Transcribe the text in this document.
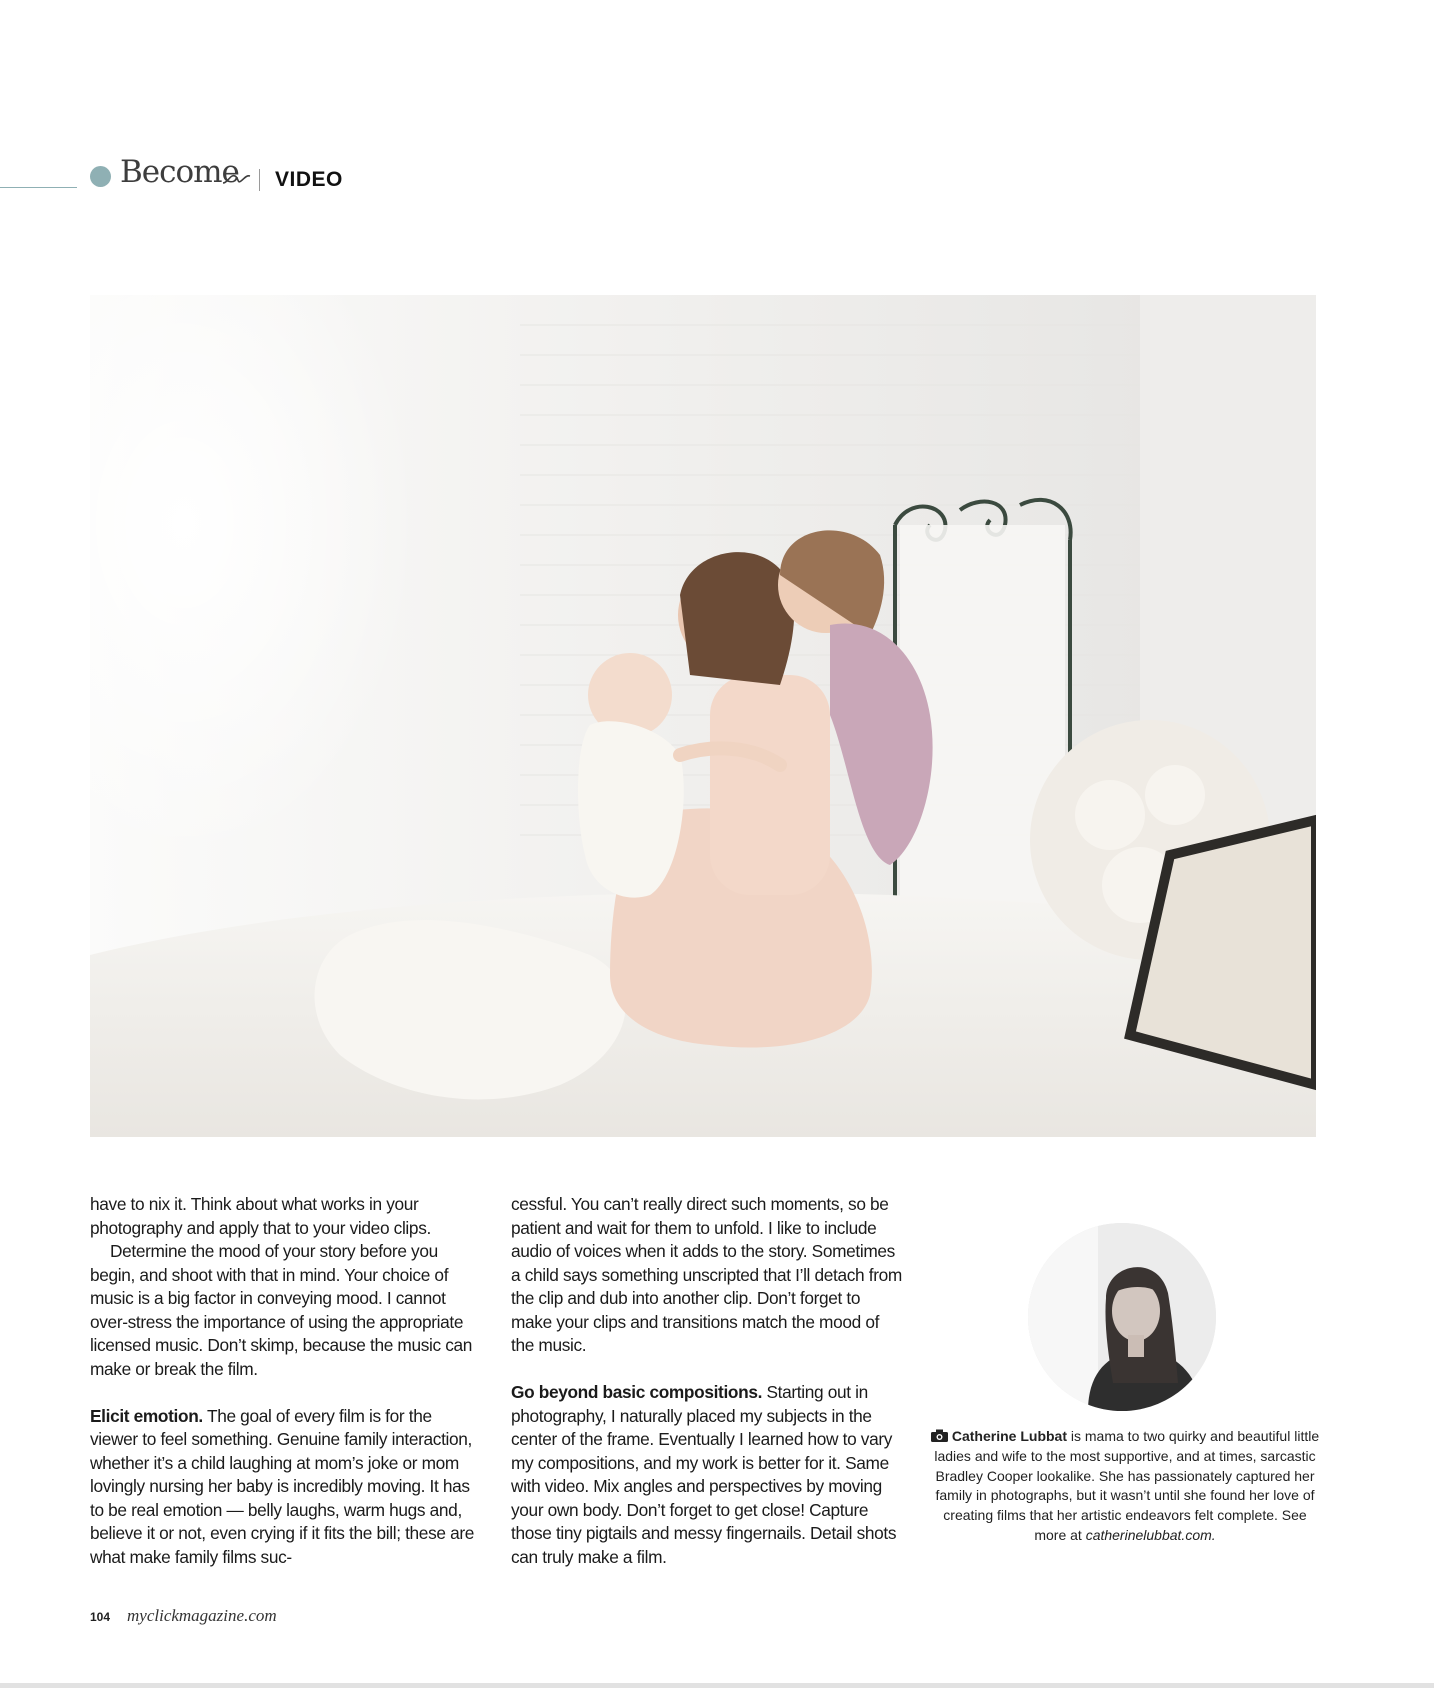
Become VIDEO

have to nix it. Think about what works in your photography and apply that to your video clips.

Determine the mood of your story before you begin, and shoot with that in mind. Your choice of music is a big factor in conveying mood. I cannot over-stress the importance of using the appropriate licensed music. Don’t skimp, because the music can make or break the film.

Elicit emotion. The goal of every film is for the viewer to feel something. Genuine family interaction, whether it’s a child laughing at mom’s joke or mom lovingly nursing her baby is incredibly moving. It has to be real emotion — belly laughs, warm hugs and, believe it or not, even crying if it fits the bill; these are what make family films suc-

cessful. You can’t really direct such moments, so be patient and wait for them to unfold. I like to include audio of voices when it adds to the story. Sometimes a child says something unscripted that I’ll detach from the clip and dub into another clip. Don’t forget to make your clips and transitions match the mood of the music.

Go beyond basic compositions. Starting out in photography, I naturally placed my subjects in the center of the frame. Eventually I learned how to vary my compositions, and my work is better for it. Same with video. Mix angles and perspectives by moving your own body. Don’t forget to get close! Capture those tiny pigtails and messy fingernails. Detail shots can truly make a film.

Catherine Lubbat is mama to two quirky and beautiful little ladies and wife to the most supportive, and at times, sarcastic Bradley Cooper lookalike. She has passionately captured her family in photographs, but it wasn’t until she found her love of creating films that her artistic endeavors felt complete. See more at catherinelubbat.com.
104 myclickmagazine.com
